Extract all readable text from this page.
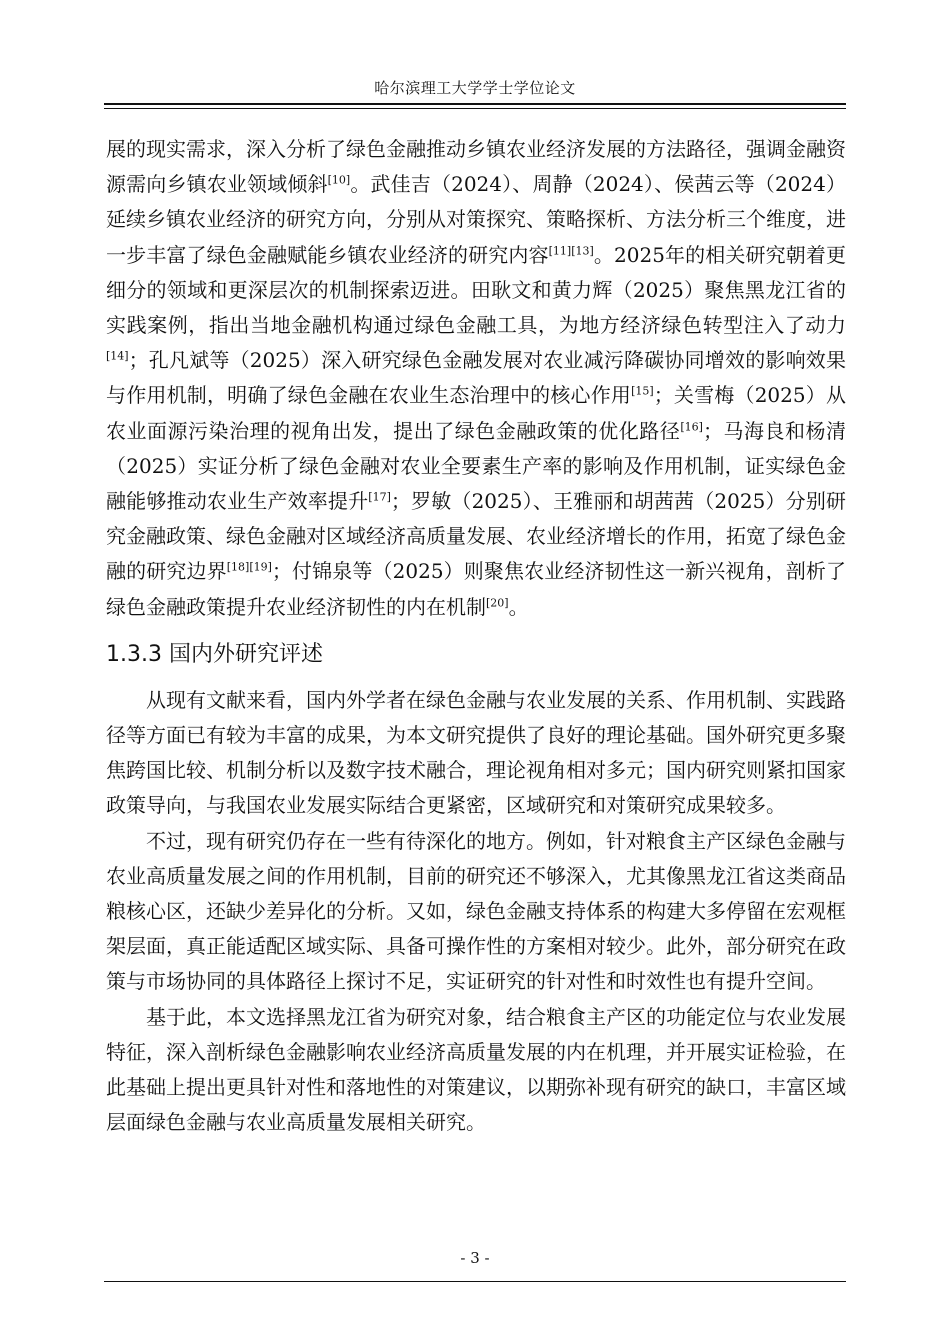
哈尔滨理工大学学士学位论文

展的现实需求，深入分析了绿色金融推动乡镇农业经济发展的方法路径，强调金融资源需向乡镇农业领域倾斜[10]。武佳吉（2024）、周静（2024）、侯茜云等（2024）延续乡镇农业经济的研究方向，分别从对策探究、策略探析、方法分析三个维度，进一步丰富了绿色金融赋能乡镇农业经济的研究内容[11][13]。2025年的相关研究朝着更细分的领域和更深层次的机制探索迈进。田耿文和黄力辉（2025）聚焦黑龙江省的实践案例，指出当地金融机构通过绿色金融工具，为地方经济绿色转型注入了动力[14]；孔凡斌等（2025）深入研究绿色金融发展对农业减污降碳协同增效的影响效果与作用机制，明确了绿色金融在农业生态治理中的核心作用[15]；关雪梅（2025）从农业面源污染治理的视角出发，提出了绿色金融政策的优化路径[16]；马海良和杨清（2025）实证分析了绿色金融对农业全要素生产率的影响及作用机制，证实绿色金融能够推动农业生产效率提升[17]；罗敏（2025）、王雅丽和胡茜茜（2025）分别研究金融政策、绿色金融对区域经济高质量发展、农业经济增长的作用，拓宽了绿色金融的研究边界[18][19]；付锦泉等（2025）则聚焦农业经济韧性这一新兴视角，剖析了绿色金融政策提升农业经济韧性的内在机制[20]。

1.3.3 国内外研究评述

从现有文献来看，国内外学者在绿色金融与农业发展的关系、作用机制、实践路径等方面已有较为丰富的成果，为本文研究提供了良好的理论基础。国外研究更多聚焦跨国比较、机制分析以及数字技术融合，理论视角相对多元；国内研究则紧扣国家政策导向，与我国农业发展实际结合更紧密，区域研究和对策研究成果较多。

不过，现有研究仍存在一些有待深化的地方。例如，针对粮食主产区绿色金融与农业高质量发展之间的作用机制，目前的研究还不够深入，尤其像黑龙江省这类商品粮核心区，还缺少差异化的分析。又如，绿色金融支持体系的构建大多停留在宏观框架层面，真正能适配区域实际、具备可操作性的方案相对较少。此外，部分研究在政策与市场协同的具体路径上探讨不足，实证研究的针对性和时效性也有提升空间。

基于此，本文选择黑龙江省为研究对象，结合粮食主产区的功能定位与农业发展特征，深入剖析绿色金融影响农业经济高质量发展的内在机理，并开展实证检验，在此基础上提出更具针对性和落地性的对策建议，以期弥补现有研究的缺口，丰富区域层面绿色金融与农业高质量发展相关研究。

- 3 -
